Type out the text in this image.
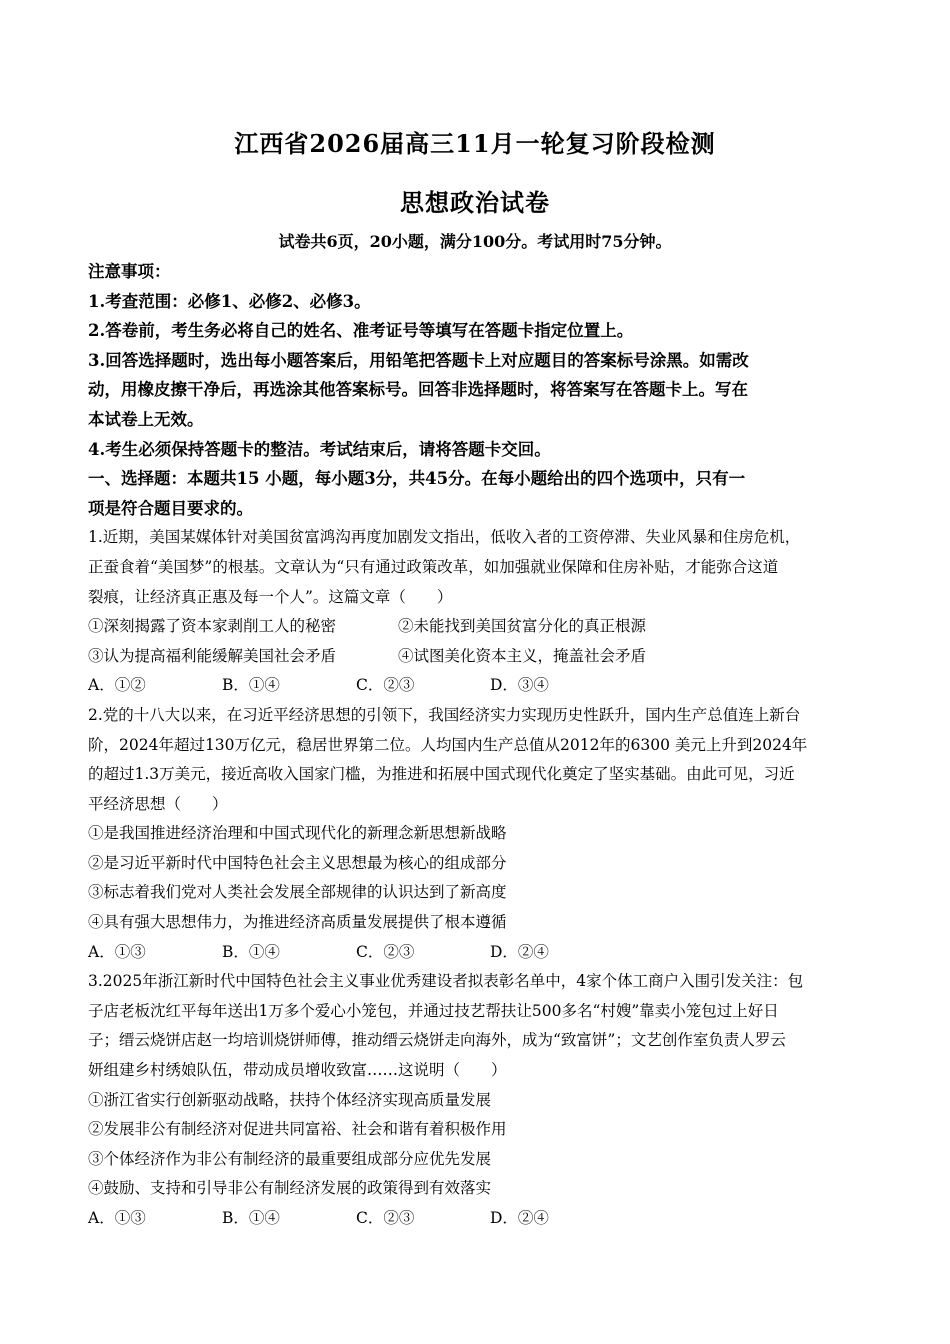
江西省2026届高三11月一轮复习阶段检测
思想政治试卷
试卷共6页，20小题，满分100分。考试用时75分钟。
注意事项：
1.考查范围：必修1、必修2、必修3。
2.答卷前，考生务必将自己的姓名、准考证号等填写在答题卡指定位置上。
3.回答选择题时，选出每小题答案后，用铅笔把答题卡上对应题目的答案标号涂黑。如需改
动，用橡皮擦干净后，再选涂其他答案标号。回答非选择题时，将答案写在答题卡上。写在
本试卷上无效。
4.考生必须保持答题卡的整洁。考试结束后，请将答题卡交回。
一、选择题：本题共15 小题，每小题3分，共45分。在每小题给出的四个选项中，只有一
项是符合题目要求的。
1.近期，美国某媒体针对美国贫富鸿沟再度加剧发文指出，低收入者的工资停滞、失业风暴和住房危机，
正蚕食着“美国梦”的根基。文章认为“只有通过政策改革，如加强就业保障和住房补贴，才能弥合这道
裂痕，让经济真正惠及每一个人”。这篇文章（　　）
①深刻揭露了资本家剥削工人的秘密	②未能找到美国贫富分化的真正根源
③认为提高福利能缓解美国社会矛盾	④试图美化资本主义，掩盖社会矛盾
A．①②	B．①④	C．②③	D．③④
2.党的十八大以来，在习近平经济思想的引领下，我国经济实力实现历史性跃升，国内生产总值连上新台
阶，2024年超过130万亿元，稳居世界第二位。人均国内生产总值从2012年的6300 美元上升到2024年
的超过1.3万美元，接近高收入国家门槛，为推进和拓展中国式现代化奠定了坚实基础。由此可见，习近
平经济思想（　　）
①是我国推进经济治理和中国式现代化的新理念新思想新战略
②是习近平新时代中国特色社会主义思想最为核心的组成部分
③标志着我们党对人类社会发展全部规律的认识达到了新高度
④具有强大思想伟力，为推进经济高质量发展提供了根本遵循
A．①③	B．①④	C．②③	D．②④
3.2025年浙江新时代中国特色社会主义事业优秀建设者拟表彰名单中，4家个体工商户入围引发关注：包
子店老板沈红平每年送出1万多个爱心小笼包，并通过技艺帮扶让500多名“村嫂”靠卖小笼包过上好日
子；缙云烧饼店赵一均培训烧饼师傅，推动缙云烧饼走向海外，成为“致富饼”；文艺创作室负责人罗云
妍组建乡村绣娘队伍，带动成员增收致富……这说明（　　）
①浙江省实行创新驱动战略，扶持个体经济实现高质量发展
②发展非公有制经济对促进共同富裕、社会和谐有着积极作用
③个体经济作为非公有制经济的最重要组成部分应优先发展
④鼓励、支持和引导非公有制经济发展的政策得到有效落实
A．①③	B．①④	C．②③	D．②④
